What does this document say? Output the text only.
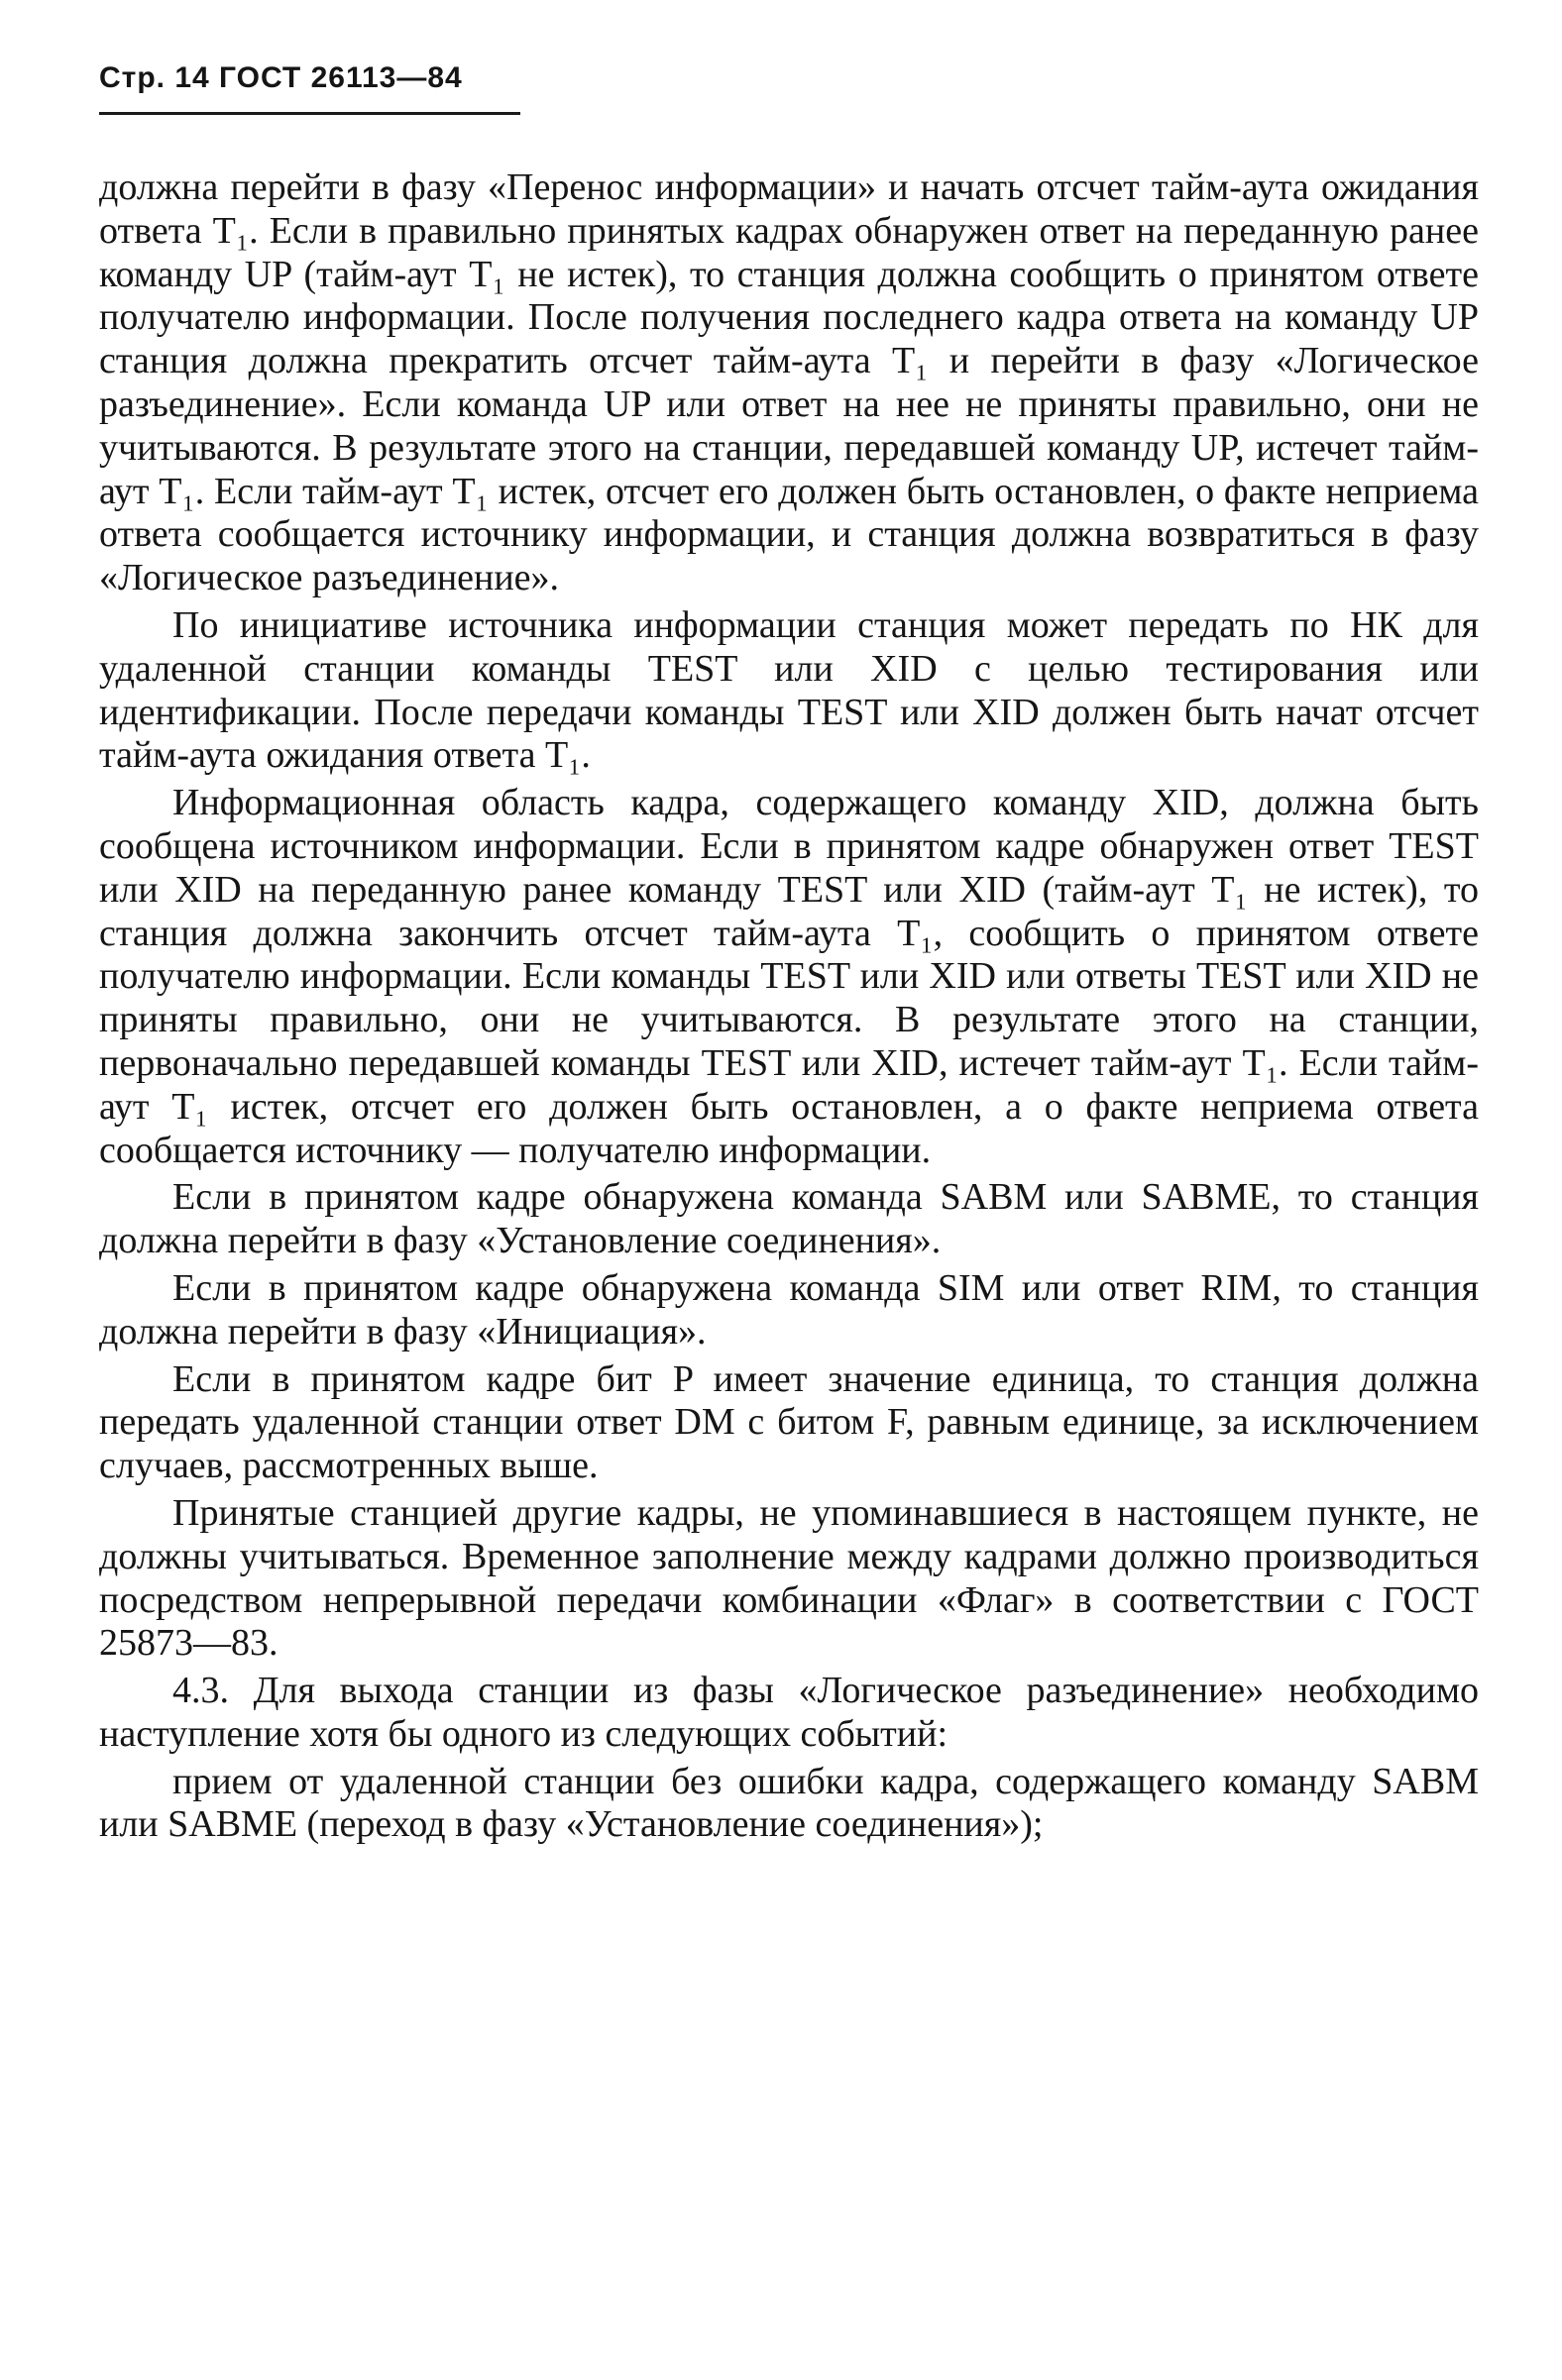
Стр. 14 ГОСТ 26113—84

должна перейти в фазу «Перенос информации» и начать отсчет тайм-аута ожидания ответа T₁. Если в правильно принятых кадрах обнаружен ответ на переданную ранее команду UP (тайм-аут T₁ не истек), то станция должна сообщить о принятом ответе получателю информации. После получения последнего кадра ответа на команду UP станция должна прекратить отсчет тайм-аута T₁ и перейти в фазу «Логическое разъединение». Если команда UP или ответ на нее не приняты правильно, они не учитываются. В результате этого на станции, передавшей команду UP, истечет тайм-аут T₁. Если тайм-аут T₁ истек, отсчет его должен быть остановлен, о факте неприема ответа сообщается источнику информации, и станция должна возвратиться в фазу «Логическое разъединение».

По инициативе источника информации станция может передать по НК для удаленной станции команды TEST или XID с целью тестирования или идентификации. После передачи команды TEST или XID должен быть начат отсчет тайм-аута ожидания ответа T₁.

Информационная область кадра, содержащего команду XID, должна быть сообщена источником информации. Если в принятом кадре обнаружен ответ TEST или XID на переданную ранее команду TEST или XID (тайм-аут T₁ не истек), то станция должна закончить отсчет тайм-аута T₁, сообщить о принятом ответе получателю информации. Если команды TEST или XID или ответы TEST или XID не приняты правильно, они не учитываются. В результате этого на станции, первоначально передавшей команды TEST или XID, истечет тайм-аут T₁. Если тайм-аут T₁ истек, отсчет его должен быть остановлен, а о факте неприема ответа сообщается источнику — получателю информации.

Если в принятом кадре обнаружена команда SABM или SABME, то станция должна перейти в фазу «Установление соединения».

Если в принятом кадре обнаружена команда SIM или ответ RIM, то станция должна перейти в фазу «Инициация».

Если в принятом кадре бит P имеет значение единица, то станция должна передать удаленной станции ответ DM с битом F, равным единице, за исключением случаев, рассмотренных выше.

Принятые станцией другие кадры, не упоминавшиеся в настоящем пункте, не должны учитываться. Временное заполнение между кадрами должно производиться посредством непрерывной передачи комбинации «Флаг» в соответствии с ГОСТ 25873—83.

4.3. Для выхода станции из фазы «Логическое разъединение» необходимо наступление хотя бы одного из следующих событий:

прием от удаленной станции без ошибки кадра, содержащего команду SABM или SABME (переход в фазу «Установление соединения»);
